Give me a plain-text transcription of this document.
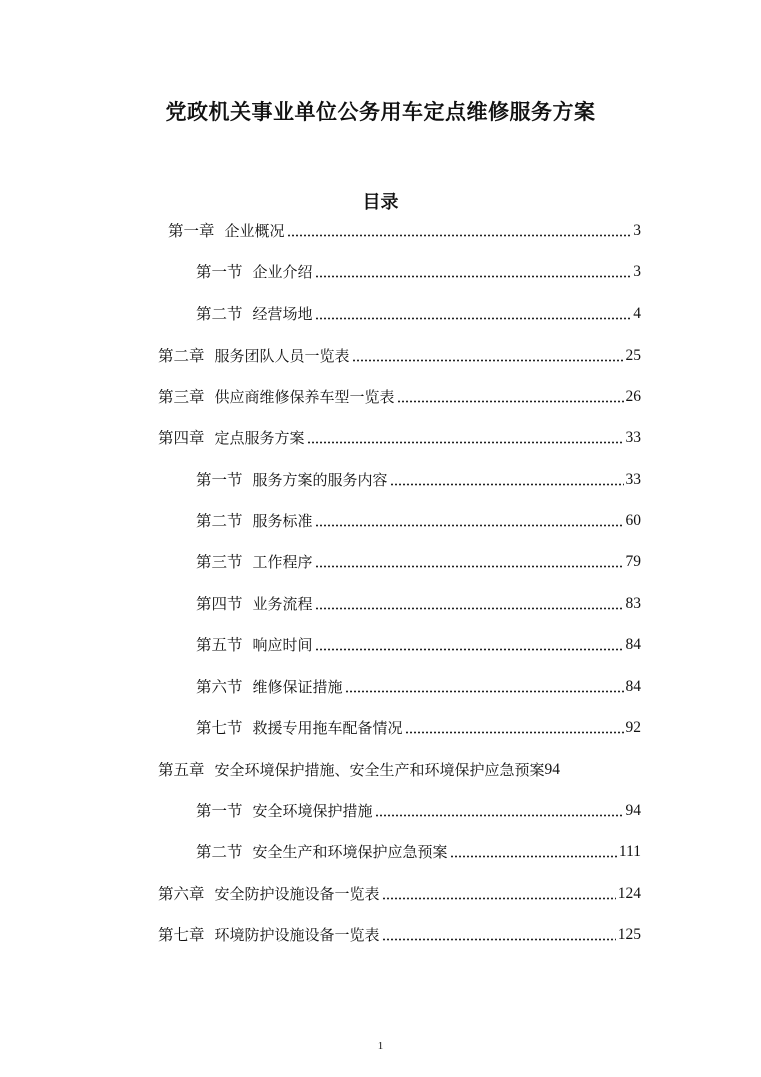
党政机关事业单位公务用车定点维修服务方案
目录
第一章 企业概况	3
第一节 企业介绍	3
第二节 经营场地	4
第二章 服务团队人员一览表	25
第三章 供应商维修保养车型一览表	26
第四章 定点服务方案	33
第一节 服务方案的服务内容	33
第二节 服务标准	60
第三节 工作程序	79
第四节 业务流程	83
第五节 响应时间	84
第六节 维修保证措施	84
第七节 救援专用拖车配备情况	92
第五章 安全环境保护措施、安全生产和环境保护应急预案 94
第一节 安全环境保护措施	94
第二节 安全生产和环境保护应急预案	111
第六章 安全防护设施设备一览表	124
第七章 环境防护设施设备一览表	125
1
